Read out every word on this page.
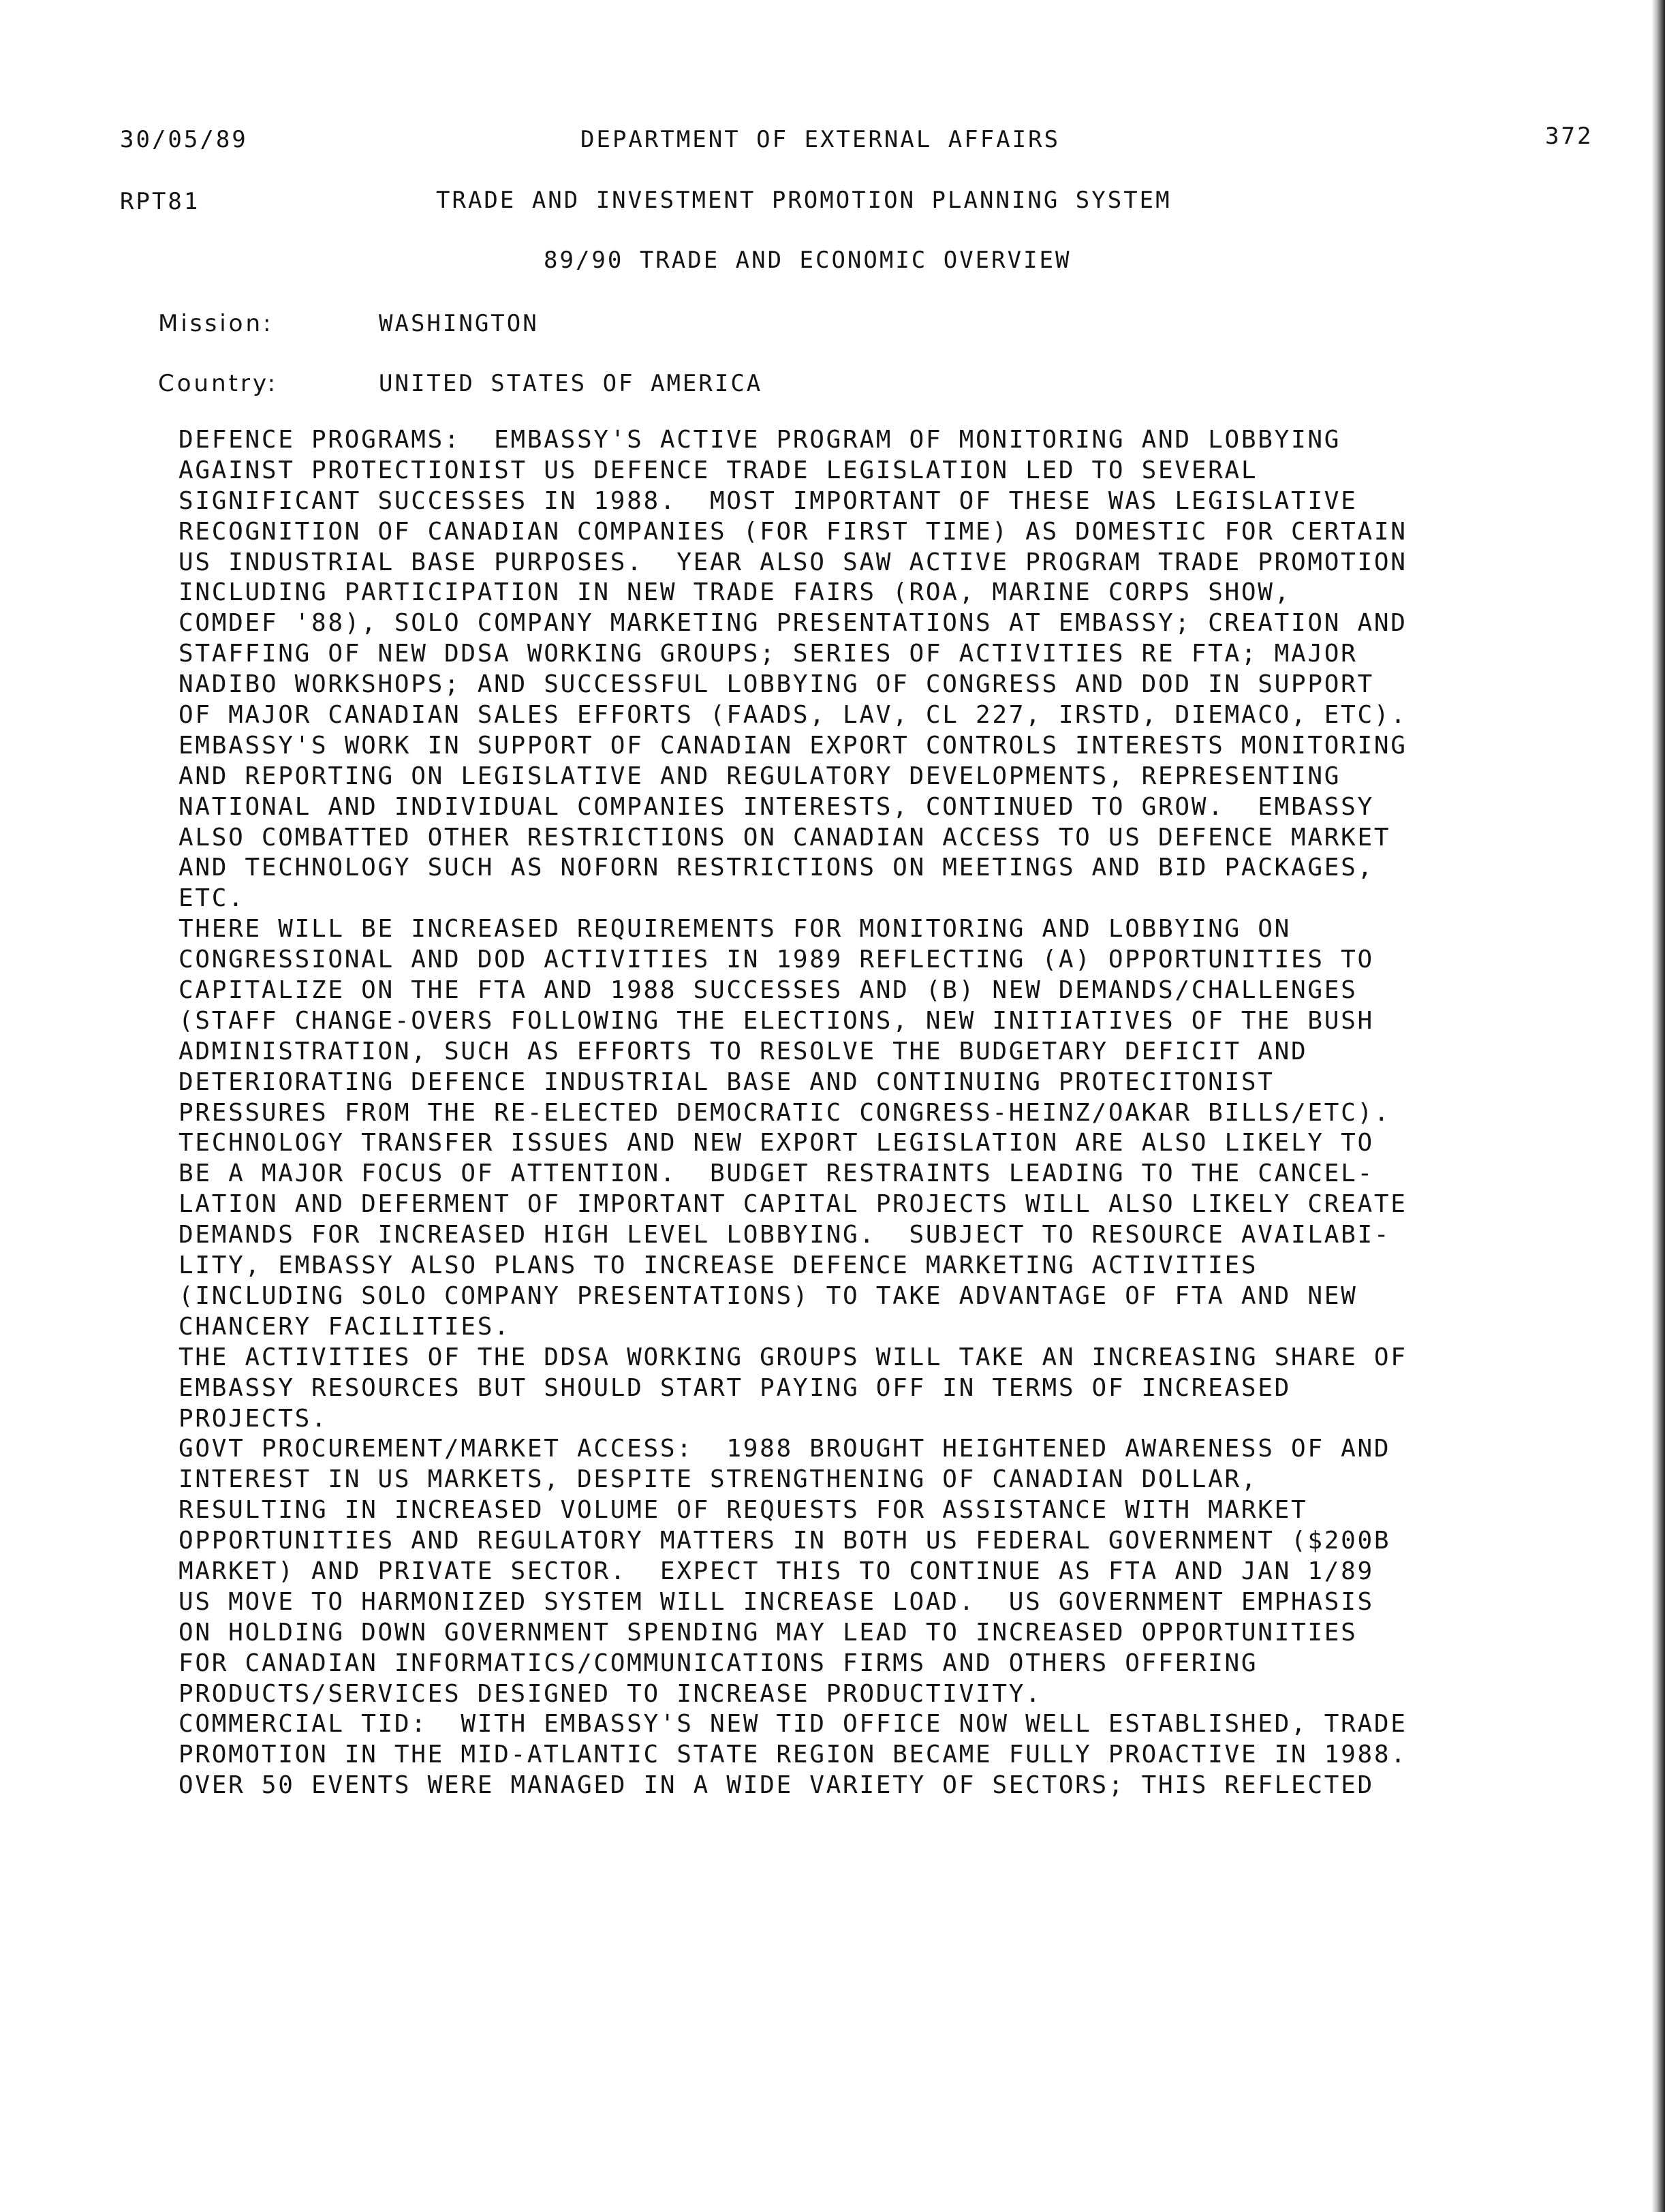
30/05/89	DEPARTMENT OF EXTERNAL AFFAIRS	372
RPT81	TRADE AND INVESTMENT PROMOTION PLANNING SYSTEM
89/90 TRADE AND ECONOMIC OVERVIEW
Mission:	WASHINGTON
Country:	UNITED STATES OF AMERICA
DEFENCE PROGRAMS:  EMBASSY'S ACTIVE PROGRAM OF MONITORING AND LOBBYING
AGAINST PROTECTIONIST US DEFENCE TRADE LEGISLATION LED TO SEVERAL
SIGNIFICANT SUCCESSES IN 1988.  MOST IMPORTANT OF THESE WAS LEGISLATIVE
RECOGNITION OF CANADIAN COMPANIES (FOR FIRST TIME) AS DOMESTIC FOR CERTAIN
US INDUSTRIAL BASE PURPOSES.  YEAR ALSO SAW ACTIVE PROGRAM TRADE PROMOTION
INCLUDING PARTICIPATION IN NEW TRADE FAIRS (ROA, MARINE CORPS SHOW,
COMDEF '88), SOLO COMPANY MARKETING PRESENTATIONS AT EMBASSY; CREATION AND
STAFFING OF NEW DDSA WORKING GROUPS; SERIES OF ACTIVITIES RE FTA; MAJOR
NADIBO WORKSHOPS; AND SUCCESSFUL LOBBYING OF CONGRESS AND DOD IN SUPPORT
OF MAJOR CANADIAN SALES EFFORTS (FAADS, LAV, CL 227, IRSTD, DIEMACO, ETC).
EMBASSY'S WORK IN SUPPORT OF CANADIAN EXPORT CONTROLS INTERESTS MONITORING
AND REPORTING ON LEGISLATIVE AND REGULATORY DEVELOPMENTS, REPRESENTING
NATIONAL AND INDIVIDUAL COMPANIES INTERESTS, CONTINUED TO GROW.  EMBASSY
ALSO COMBATTED OTHER RESTRICTIONS ON CANADIAN ACCESS TO US DEFENCE MARKET
AND TECHNOLOGY SUCH AS NOFORN RESTRICTIONS ON MEETINGS AND BID PACKAGES,
ETC.
THERE WILL BE INCREASED REQUIREMENTS FOR MONITORING AND LOBBYING ON
CONGRESSIONAL AND DOD ACTIVITIES IN 1989 REFLECTING (A) OPPORTUNITIES TO
CAPITALIZE ON THE FTA AND 1988 SUCCESSES AND (B) NEW DEMANDS/CHALLENGES
(STAFF CHANGE-OVERS FOLLOWING THE ELECTIONS, NEW INITIATIVES OF THE BUSH
ADMINISTRATION, SUCH AS EFFORTS TO RESOLVE THE BUDGETARY DEFICIT AND
DETERIORATING DEFENCE INDUSTRIAL BASE AND CONTINUING PROTECITONIST
PRESSURES FROM THE RE-ELECTED DEMOCRATIC CONGRESS-HEINZ/OAKAR BILLS/ETC).
TECHNOLOGY TRANSFER ISSUES AND NEW EXPORT LEGISLATION ARE ALSO LIKELY TO
BE A MAJOR FOCUS OF ATTENTION.  BUDGET RESTRAINTS LEADING TO THE CANCEL-
LATION AND DEFERMENT OF IMPORTANT CAPITAL PROJECTS WILL ALSO LIKELY CREATE
DEMANDS FOR INCREASED HIGH LEVEL LOBBYING.  SUBJECT TO RESOURCE AVAILABI-
LITY, EMBASSY ALSO PLANS TO INCREASE DEFENCE MARKETING ACTIVITIES
(INCLUDING SOLO COMPANY PRESENTATIONS) TO TAKE ADVANTAGE OF FTA AND NEW
CHANCERY FACILITIES.
THE ACTIVITIES OF THE DDSA WORKING GROUPS WILL TAKE AN INCREASING SHARE OF
EMBASSY RESOURCES BUT SHOULD START PAYING OFF IN TERMS OF INCREASED
PROJECTS.
GOVT PROCUREMENT/MARKET ACCESS:  1988 BROUGHT HEIGHTENED AWARENESS OF AND
INTEREST IN US MARKETS, DESPITE STRENGTHENING OF CANADIAN DOLLAR,
RESULTING IN INCREASED VOLUME OF REQUESTS FOR ASSISTANCE WITH MARKET
OPPORTUNITIES AND REGULATORY MATTERS IN BOTH US FEDERAL GOVERNMENT ($200B
MARKET) AND PRIVATE SECTOR.  EXPECT THIS TO CONTINUE AS FTA AND JAN 1/89
US MOVE TO HARMONIZED SYSTEM WILL INCREASE LOAD.  US GOVERNMENT EMPHASIS
ON HOLDING DOWN GOVERNMENT SPENDING MAY LEAD TO INCREASED OPPORTUNITIES
FOR CANADIAN INFORMATICS/COMMUNICATIONS FIRMS AND OTHERS OFFERING
PRODUCTS/SERVICES DESIGNED TO INCREASE PRODUCTIVITY.
COMMERCIAL TID:  WITH EMBASSY'S NEW TID OFFICE NOW WELL ESTABLISHED, TRADE
PROMOTION IN THE MID-ATLANTIC STATE REGION BECAME FULLY PROACTIVE IN 1988.
OVER 50 EVENTS WERE MANAGED IN A WIDE VARIETY OF SECTORS; THIS REFLECTED
